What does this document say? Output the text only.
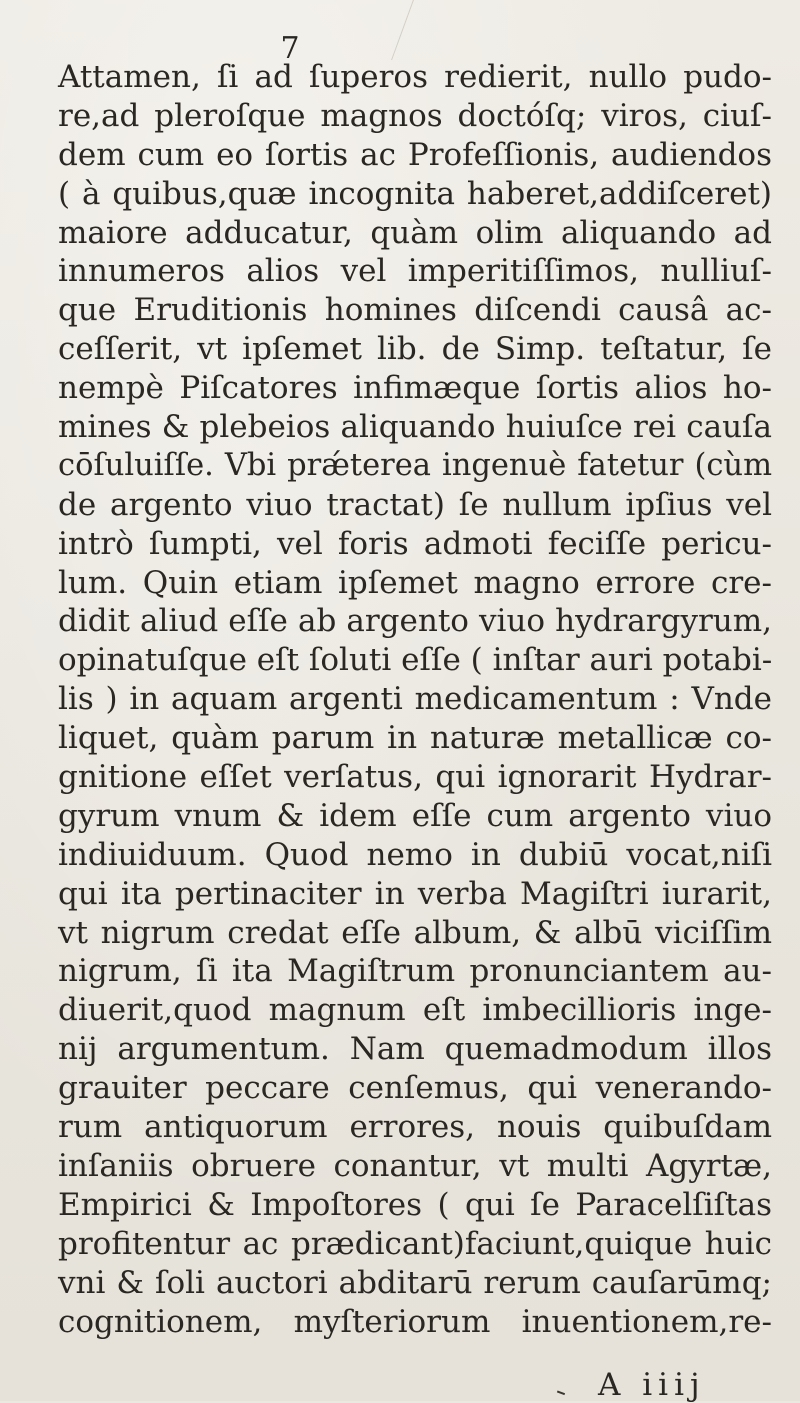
7
Attamen, ſi ad ſuperos redierit, nullo pudo-
re,ad pleroſque magnos doctóſq; viros, ciuſ-
dem cum eo ſortis ac Profeſſionis, audiendos
( à quibus,quæ incognita haberet,addiſceret)
maiore adducatur, quàm olim aliquando ad
innumeros alios vel imperitiſſimos, nulliuſ-
que Eruditionis homines diſcendi causâ ac-
ceſſerit, vt ipſemet lib. de Simp. teſtatur, ſe
nempè Piſcatores infimæque ſortis alios ho-
mines & plebeios aliquando huiuſce rei cauſa
cōſuluiſſe. Vbi prǽterea ingenuè fatetur (cùm
de argento viuo tractat) ſe nullum ipſius vel
intrò ſumpti, vel foris admoti feciſſe pericu-
lum. Quin etiam ipſemet magno errore cre-
didit aliud eſſe ab argento viuo hydrargyrum,
opinatuſque eſt ſoluti eſſe ( inſtar auri potabi-
lis ) in aquam argenti medicamentum : Vnde
liquet, quàm parum in naturæ metallicæ co-
gnitione eſſet verſatus, qui ignorarit Hydrar-
gyrum vnum & idem eſſe cum argento viuo
indiuiduum. Quod nemo in dubiū vocat,niſi
qui ita pertinaciter in verba Magiſtri iurarit,
vt nigrum credat eſſe album, & albū viciſſim
nigrum, ſi ita Magiſtrum pronunciantem au-
diuerit,quod magnum eſt imbecillioris inge-
nij argumentum. Nam quemadmodum illos
grauiter peccare cenſemus, qui venerando-
rum antiquorum errores, nouis quibuſdam
inſaniis obruere conantur, vt multi Agyrtæ,
Empirici & Impoſtores ( qui ſe Paracelſiſtas
profitentur ac prædicant)faciunt,quique huic
vni & ſoli auctori abditarū rerum cauſarūmq;
cognitionem, myſteriorum inuentionem,re-
A iiij
